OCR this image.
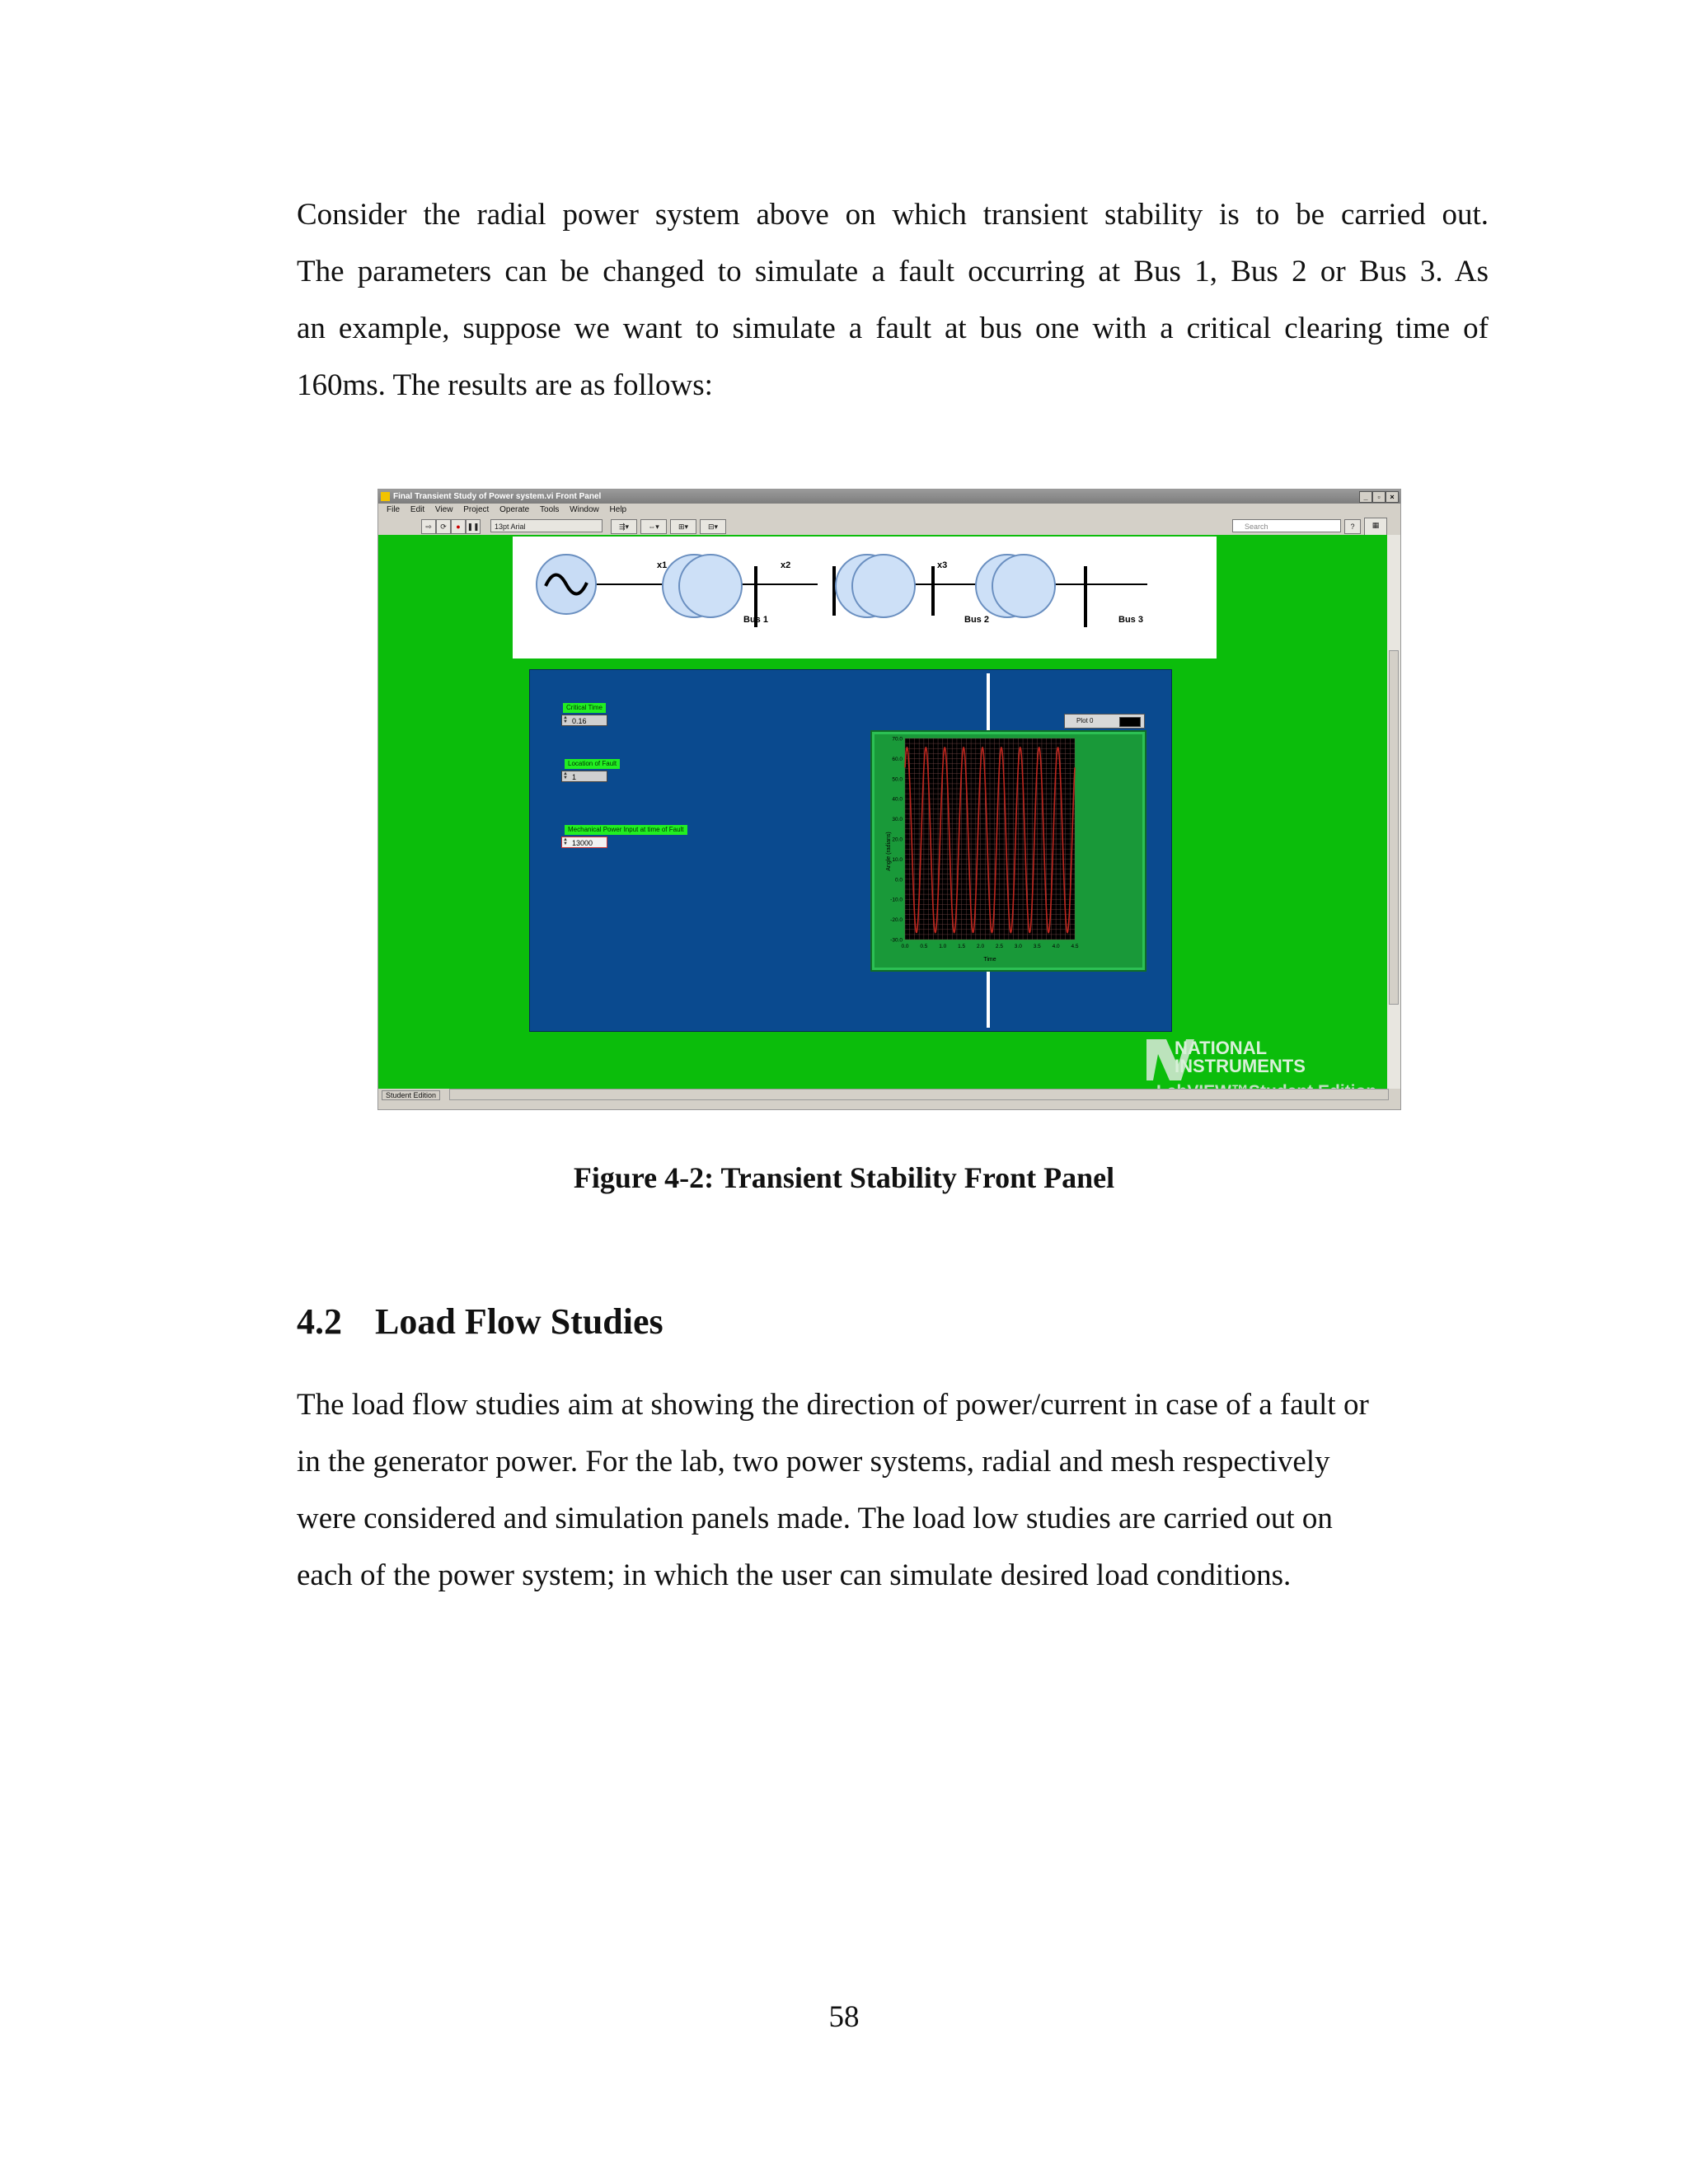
Consider the radial power system above on which transient stability is to be carried out.
The parameters can be changed to simulate a fault occurring at Bus 1, Bus 2 or Bus 3. As
an example, suppose we want to simulate a fault at bus one with a critical clearing time of
160ms. The results are as follows:
Final Transient Study of Power system.vi Front Panel	_	▫	×
File Edit View Project Operate Tools Window Help
⇨	⟳	● ❚❚	13pt Arial	⇶▾	⇔▾	⊞▾	⊟▾	Search	?	▦
x1	x2	x3
Bus 1	Bus 2	Bus 3
Critical Time
▲
▼ 0.16
Location of Fault
▲
▼ 1
Mechanical Power Input at time of Fault
▲
▼ 13000
Plot 0
70.0
60.0
50.0
40.0
30.0
20.0
10.0
0.0
-10.0
-20.0
-30.0
0.0 0.5 1.0 1.5 2.0 2.5 3.0 3.5 4.0 4.5
Angle (radians)
Time
NATIONAL
INSTRUMENTS
Student Edition
Figure 4-2: Transient Stability Front Panel
4.2 Load Flow Studies
The load flow studies aim at showing the direction of power/current in case of a fault or
in the generator power. For the lab, two power systems, radial and mesh respectively
were considered and simulation panels made. The load low studies are carried out on
each of the power system; in which the user can simulate desired load conditions.
58
